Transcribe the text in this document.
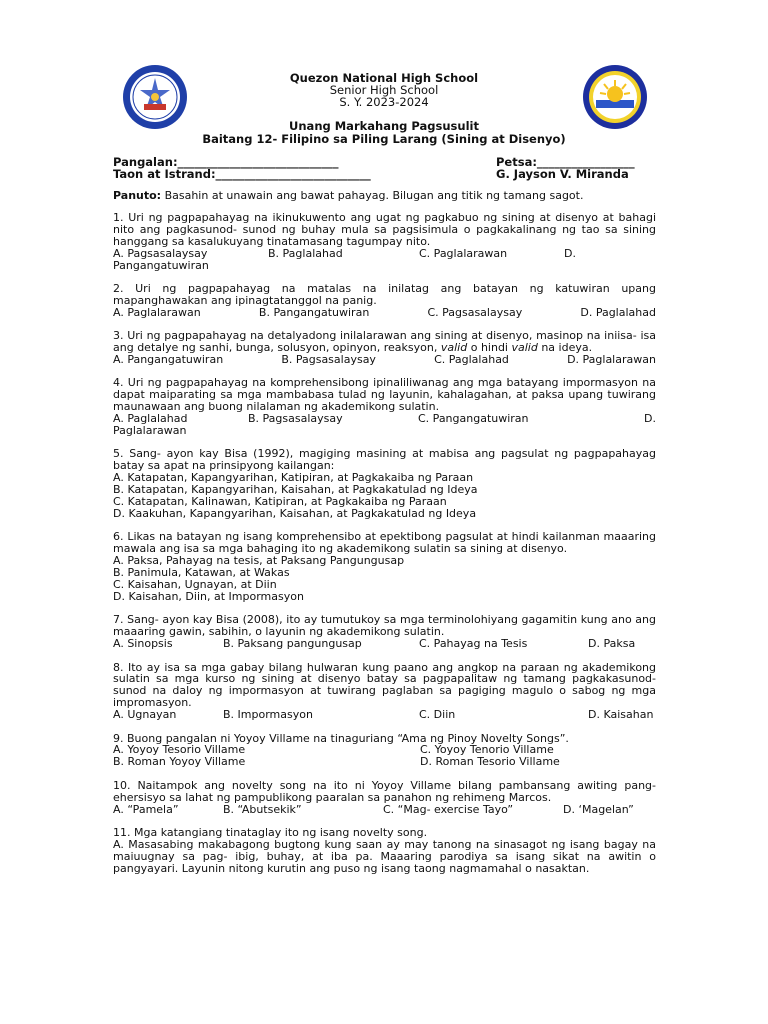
Quezon National High School
Senior High School
S. Y. 2023-2024
Unang Markahang Pagsusulit
Baitang 12- Filipino sa Piling Larang (Sining at Disenyo)
Pangalan:____________________________	Petsa:_________________
Taon at Istrand:___________________________	G. Jayson V. Miranda
Panuto: Basahin at unawain ang bawat pahayag. Bilugan ang titik ng tamang sagot.
1. Uri ng pagpapahayag na ikinukuwento ang ugat ng pagkabuo ng sining at disenyo at bahagi nito ang pagkasunod- sunod ng buhay mula sa pagsisimula o pagkakalinang ng tao sa sining hanggang sa kasalukuyang tinatamasang tagumpay nito.
A. Pagsasalaysay	B. Paglalahad	C. Paglalarawan	D.
Pangangatuwiran
2. Uri ng pagpapahayag na matalas na inilatag ang batayan ng katuwiran upang mapanghawakan ang ipinagtatanggol na panig.
A. Paglalarawan	B. Pangangatuwiran	C. Pagsasalaysay	D. Paglalahad
3. Uri ng pagpapahayag na detalyadong inilalarawan ang sining at disenyo, masinop na iniisa- isa ang detalye ng sanhi, bunga, solusyon, opinyon, reaksyon, valid o hindi valid na ideya.
A. Pangangatuwiran	B. Pagsasalaysay	C. Paglalahad	D. Paglalarawan
4. Uri ng pagpapahayag na komprehensibong ipinaliliwanag ang mga batayang impormasyon na dapat maiparating sa mga mambabasa tulad ng layunin, kahalagahan, at paksa upang tuwirang maunawaan ang buong nilalaman ng akademikong sulatin.
A. Paglalahad	B. Pagsasalaysay	C. Pangangatuwiran	D.
Paglalarawan
5. Sang- ayon kay Bisa (1992), magiging masining at mabisa ang pagsulat ng pagpapahayag batay sa apat na prinsipyong kailangan:
A. Katapatan, Kapangyarihan, Katipiran, at Pagkakaiba ng Paraan
B. Katapatan, Kapangyarihan, Kaisahan, at Pagkakatulad ng Ideya
C. Katapatan, Kalinawan, Katipiran, at Pagkakaiba ng Paraan
D. Kaakuhan, Kapangyarihan, Kaisahan, at Pagkakatulad ng Ideya
6. Likas na batayan ng isang komprehensibo at epektibong pagsulat at hindi kailanman maaaring mawala ang isa sa mga bahaging ito ng akademikong sulatin sa sining at disenyo.
A. Paksa, Pahayag na tesis, at Paksang Pangungusap
B. Panimula, Katawan, at Wakas
C. Kaisahan, Ugnayan, at Diin
D. Kaisahan, Diin, at Impormasyon
7. Sang- ayon kay Bisa (2008), ito ay tumutukoy sa mga terminolohiyang gagamitin kung ano ang maaaring gawin, sabihin, o layunin ng akademikong sulatin.
A. Sinopsis	B. Paksang pangungusap	C. Pahayag na Tesis	D. Paksa
8. Ito ay isa sa mga gabay bilang hulwaran kung paano ang angkop na paraan ng akademikong sulatin sa mga kurso ng sining at disenyo batay sa pagpapalitaw ng tamang pagkakasunod- sunod na daloy ng impormasyon at tuwirang paglaban sa pagiging magulo o sabog ng mga impromasyon.
A. Ugnayan	B. Impormasyon	C. Diin	D. Kaisahan
9. Buong pangalan ni Yoyoy Villame na tinaguriang “Ama ng Pinoy Novelty Songs”.
A. Yoyoy Tesorio Villame	C. Yoyoy Tenorio Villame
B. Roman Yoyoy Villame	D. Roman Tesorio Villame
10. Naitampok ang novelty song na ito ni Yoyoy Villame bilang pambansang awiting pang- ehersisyo sa lahat ng pampublikong paaralan sa panahon ng rehimeng Marcos.
A. “Pamela”	B. “Abutsekik”	C. “Mag- exercise Tayo”	D. ‘Magelan”
11. Mga katangiang tinataglay ito ng isang novelty song.
A. Masasabing makabagong bugtong kung saan ay may tanong na sinasagot ng isang bagay na maiuugnay sa pag- ibig, buhay, at iba pa. Maaaring parodiya sa isang sikat na awitin o pangyayari. Layunin nitong kurutin ang puso ng isang taong nagmamahal o nasaktan.
